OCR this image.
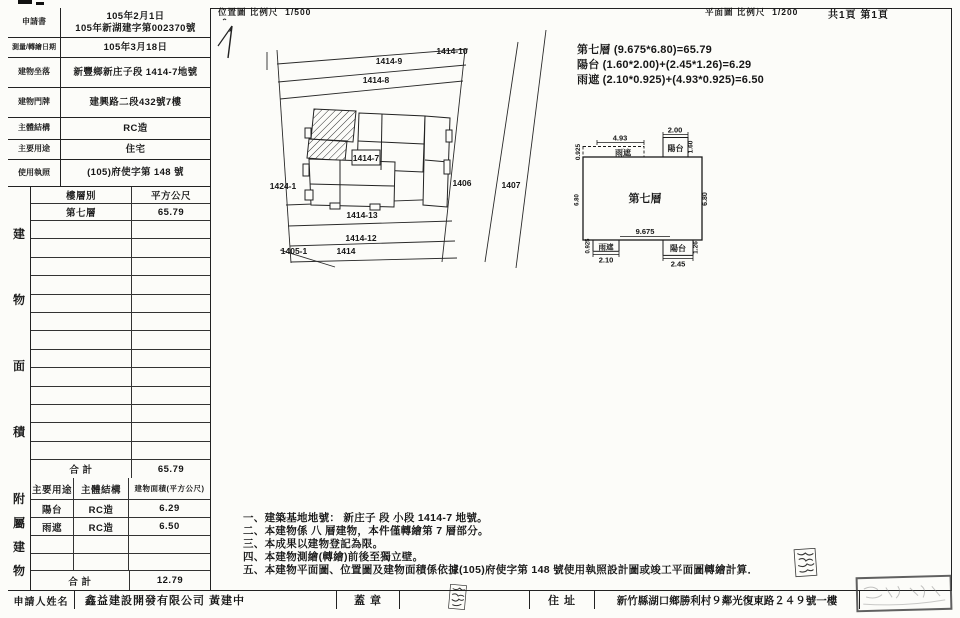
申請書	105年2月1日
105年新湖建字第002370號
測量/轉繪日期	105年3月18日
建物坐落	新豐鄉新庄子段 1414-7地號
建物門牌	建興路二段432號7樓
主體結構	RC造
主要用途	住宅
使用執照	(105)府使字第 148 號
建
物
面
積
樓層別	平方公尺
第七層	65.79
合 計	65.79
附
屬
建
物
主要用途 主體結構	建物面積(平方公尺)
陽台	RC造	6.29
雨遮	RC造	6.50
合 計	12.79
申請人姓名	鑫益建設開發有限公司 黃建中	蓋 章	住 址	新竹縣湖口鄉勝利村９鄰光復東路２４９號一樓
位置圖 比例尺 1/500	平面圖 比例尺 1/200	共1頁 第1頁
第七層 (9.675*6.80)=65.79
陽台 (1.60*2.00)+(2.45*1.26)=6.29
雨遮 (2.10*0.925)+(4.93*0.925)=6.50
1414-10
1414-9
1414-8
1414-7
1424-1	1406	1407
1414-13
1414-12
1405-1	1414
4.93
雨遮
0.925
2.00
陽台 1.60
第七層	6.80
6.80
9.675
雨遮
0.925
2.10
陽台 1.26
2.45
一、建築基地地號： 新庄子 段 小段 1414-7 地號。
二、本建物係 八 層建物，本件僅轉繪第 7 層部分。
三、本成果以建物登記為限。
四、本建物測繪(轉繪)前後至獨立壁。
五、本建物平面圖、位置圖及建物面積係依據(105)府使字第 148 號使用執照設計圖或竣工平面圖轉繪計算．
